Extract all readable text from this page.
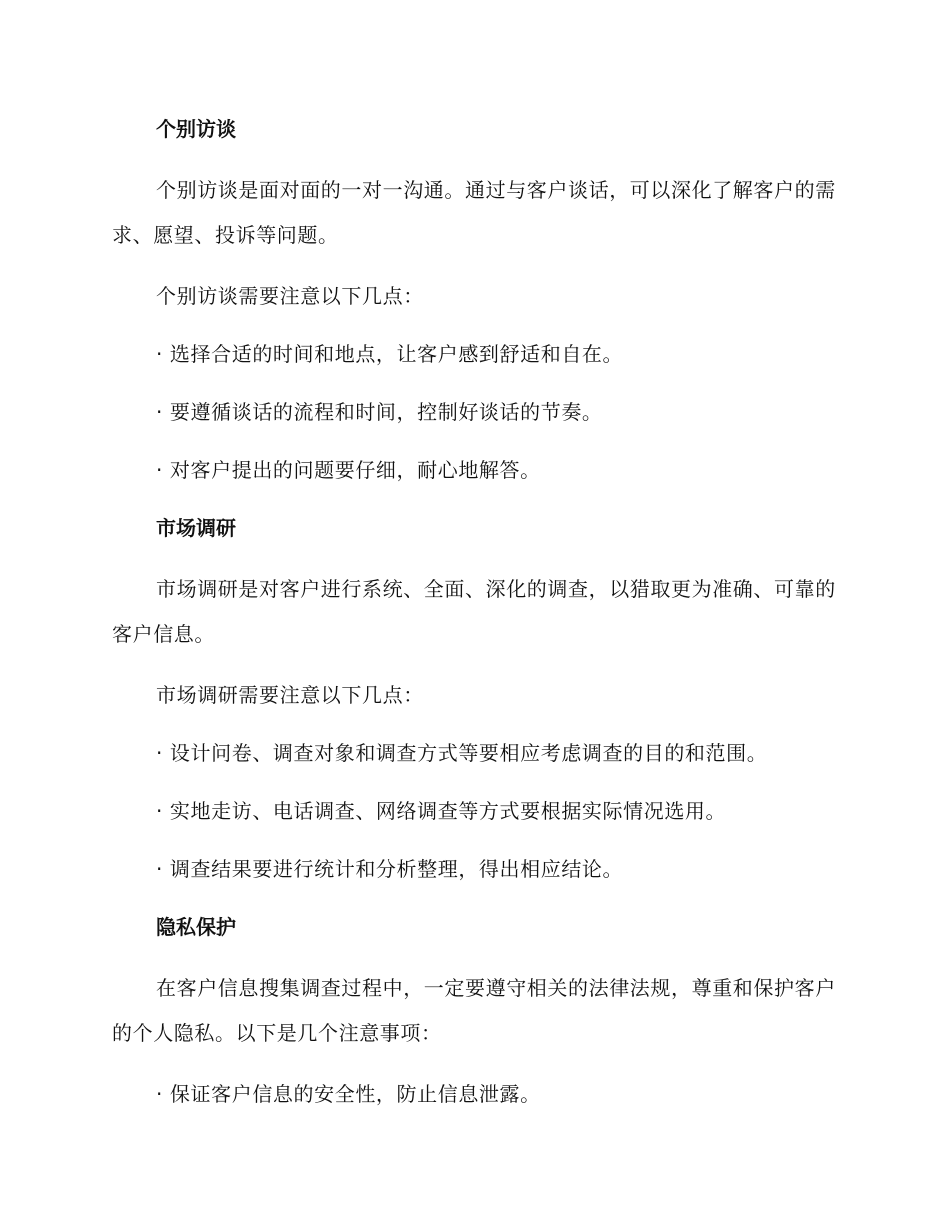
个别访谈

个别访谈是面对面的一对一沟通。通过与客户谈话，可以深化了解客户的需求、愿望、投诉等问题。

个别访谈需要注意以下几点：

· 选择合适的时间和地点，让客户感到舒适和自在。

· 要遵循谈话的流程和时间，控制好谈话的节奏。

· 对客户提出的问题要仔细，耐心地解答。

市场调研

市场调研是对客户进行系统、全面、深化的调查，以猎取更为准确、可靠的客户信息。

市场调研需要注意以下几点：

· 设计问卷、调查对象和调查方式等要相应考虑调查的目的和范围。

· 实地走访、电话调查、网络调查等方式要根据实际情况选用。

· 调查结果要进行统计和分析整理，得出相应结论。

隐私保护

在客户信息搜集调查过程中，一定要遵守相关的法律法规，尊重和保护客户的个人隐私。以下是几个注意事项：

· 保证客户信息的安全性，防止信息泄露。
